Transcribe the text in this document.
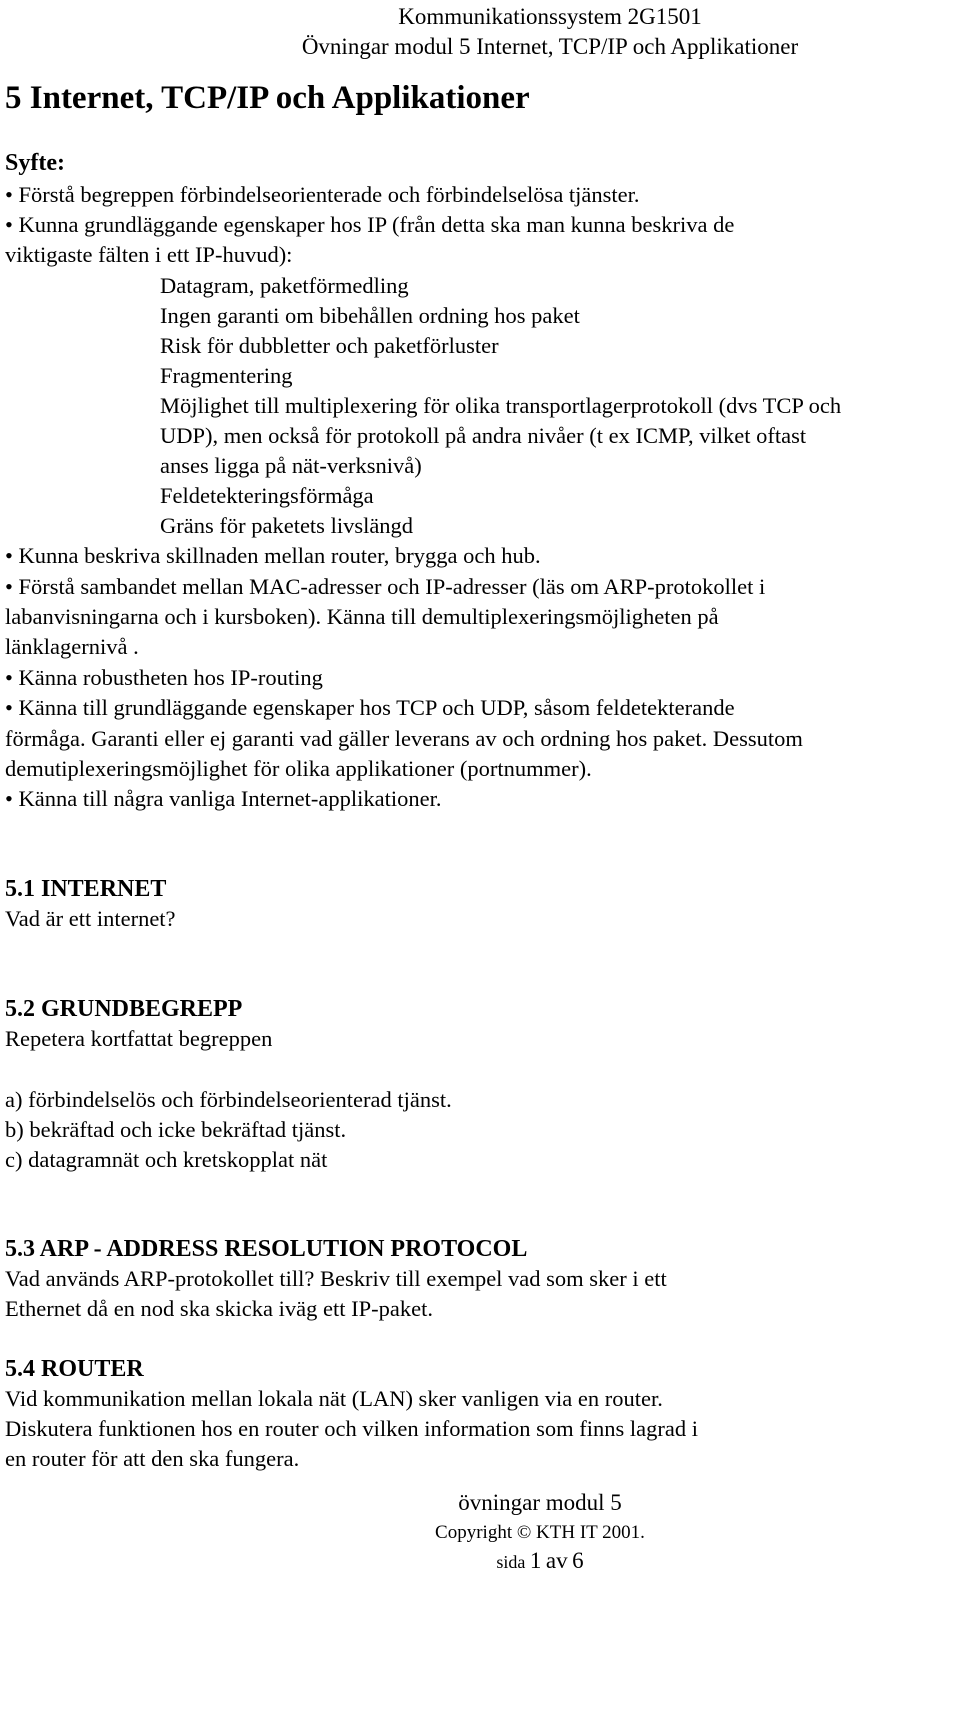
Kommunikationssystem 2G1501
Övningar modul 5 Internet, TCP/IP och Applikationer
5 Internet, TCP/IP och Applikationer
Syfte:
• Förstå begreppen förbindelseorienterade och förbindelselösa tjänster.
• Kunna grundläggande egenskaper hos IP (från detta ska man kunna beskriva de
viktigaste fälten i ett IP-huvud):
Datagram, paketförmedling
Ingen garanti om bibehållen ordning hos paket
Risk för dubbletter och paketförluster
Fragmentering
Möjlighet till multiplexering för olika transportlagerprotokoll (dvs TCP och
UDP), men också för protokoll på andra nivåer (t ex ICMP, vilket oftast
anses ligga på nät-verksnivå)
Feldetekteringsförmåga
Gräns för paketets livslängd
• Kunna beskriva skillnaden mellan router, brygga och hub.
• Förstå sambandet mellan MAC-adresser och IP-adresser (läs om ARP-protokollet i
labanvisningarna och i kursboken). Känna till demultiplexeringsmöjligheten på
länklagernivå .
• Känna robustheten hos IP-routing
• Känna till grundläggande egenskaper hos TCP och UDP, såsom feldetekterande
förmåga. Garanti eller ej garanti vad gäller leverans av och ordning hos paket. Dessutom
demutiplexeringsmöjlighet för olika applikationer (portnummer).
• Känna till några vanliga Internet-applikationer.
5.1 INTERNET
Vad är ett internet?
5.2 GRUNDBEGREPP
Repetera kortfattat begreppen
a) förbindelselös och förbindelseorienterad tjänst.
b) bekräftad och icke bekräftad tjänst.
c) datagramnät och kretskopplat nät
5.3 ARP - ADDRESS RESOLUTION PROTOCOL
Vad används ARP-protokollet till? Beskriv till exempel vad som sker i ett
Ethernet då en nod ska skicka iväg ett IP-paket.
5.4 ROUTER
Vid kommunikation mellan lokala nät (LAN) sker vanligen via en router.
Diskutera funktionen hos en router och vilken information som finns lagrad i
en router för att den ska fungera.
övningar modul 5
Copyright © KTH IT 2001.
sida 1 av 6
